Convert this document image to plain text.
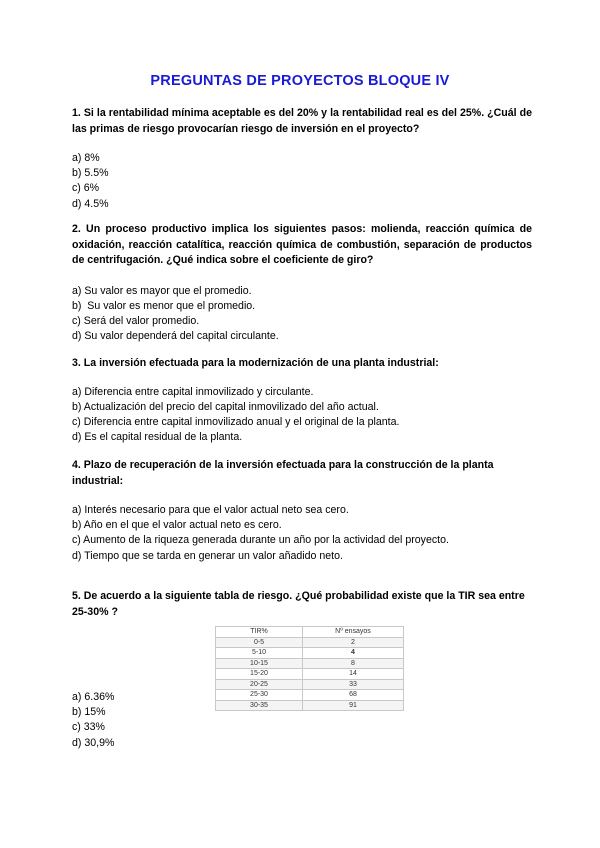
PREGUNTAS DE PROYECTOS BLOQUE IV

1. Si la rentabilidad mínima aceptable es del 20% y la rentabilidad real es del 25%. ¿Cuál de las primas de riesgo provocarían riesgo de inversión en el proyecto?

a) 8%
b) 5.5%
c) 6%
d) 4.5%

2. Un proceso productivo implica los siguientes pasos: molienda, reacción química de oxidación, reacción catalítica, reacción química de combustión, separación de productos de centrifugación. ¿Qué indica sobre el coeficiente de giro?

a) Su valor es mayor que el promedio.
b)  Su valor es menor que el promedio.
c) Será del valor promedio.
d) Su valor dependerá del capital circulante.

3. La inversión efectuada para la modernización de una planta industrial:

a) Diferencia entre capital inmovilizado y circulante.
b) Actualización del precio del capital inmovilizado del año actual.
c) Diferencia entre capital inmovilizado anual y el original de la planta.
d) Es el capital residual de la planta.

4. Plazo de recuperación de la inversión efectuada para la construcción de la planta industrial:

a) Interés necesario para que el valor actual neto sea cero.
b) Año en el que el valor actual neto es cero.
c) Aumento de la riqueza generada durante un año por la actividad del proyecto.
d) Tiempo que se tarda en generar un valor añadido neto.

5. De acuerdo a la siguiente tabla de riesgo. ¿Qué probabilidad existe que la TIR sea entre 25-30% ?

a) 6.36%
b) 15%
c) 33%
d) 30,9%
TIR%	Nº ensayos
0-5	2
5-10	4
10-15	8
15-20	14
20-25	33
25-30	68
30-35	91
